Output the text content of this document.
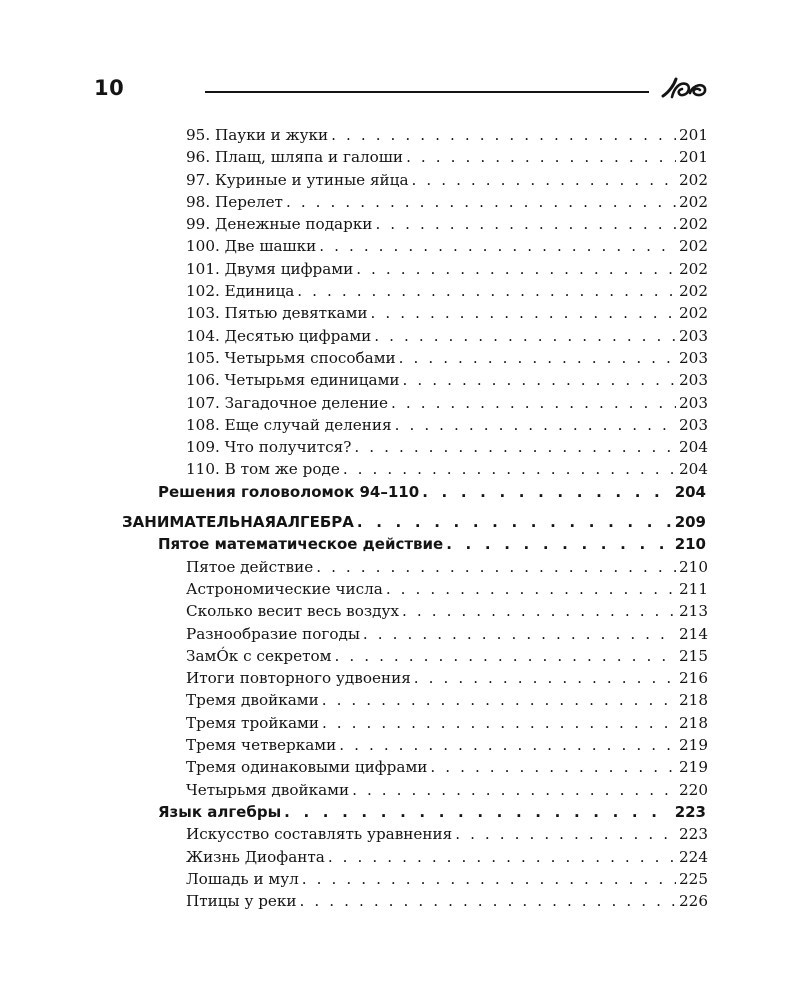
10
95. Пауки и жуки . . .	201
96. Плащ, шляпа и галоши . . .	201
97. Куриные и утиные яйца . . .	202
98. Перелет . . .	202
99. Денежные подарки . . .	202
100. Две шашки . . .	202
101. Двумя цифрами . . .	202
102. Единица . . .	202
103. Пятью девятками . . .	202
104. Десятью цифрами . . .	203
105. Четырьмя способами . . .	203
106. Четырьмя единицами . . .	203
107. Загадочное деление . . .	203
108. Еще случай деления . . .	203
109. Что получится? . . .	204
110. В том же роде . . .	204
Решения головоломок 94–110 . . .	204
ЗАНИМАТЕЛЬНАЯАЛГЕБРА . . .	209
Пятое математическое действие . . .	210
Пятое действие . . .	210
Астрономические числа . . .	211
Сколько весит весь воздух . . .	213
Разнообразие погоды . . .	214
ЗамÓк с секретом . . .	215
Итоги повторного удвоения . . .	216
Тремя двойками . . .	218
Тремя тройками . . .	218
Тремя четверками . . .	219
Тремя одинаковыми цифрами . . .	219
Четырьмя двойками . . .	220
Язык алгебры . . .	223
Искусство составлять уравнения . . .	223
Жизнь Диофанта . . .	224
Лошадь и мул . . .	225
Птицы у реки . . .	226
